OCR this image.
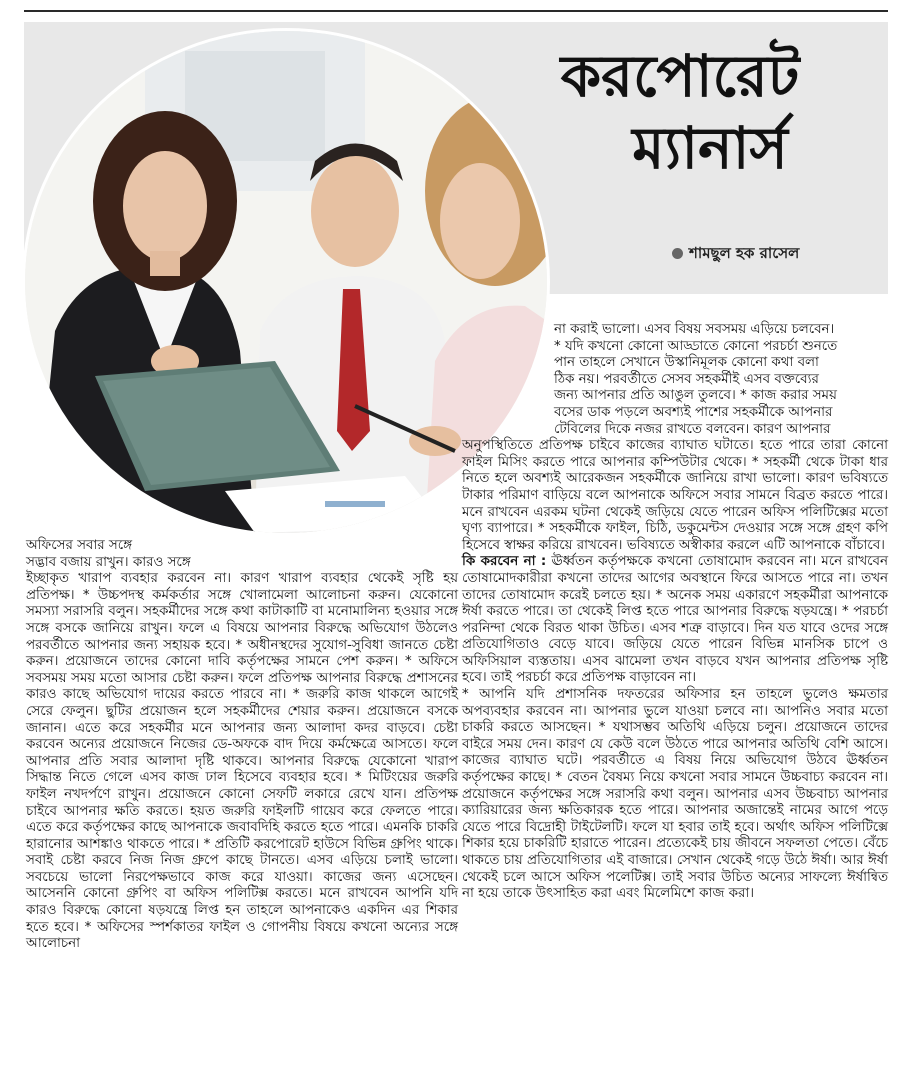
করপোরেট
ম্যানার্স
শামছুল হক রাসেল

অফিসের সবার সঙ্গে

সদ্ভাব বজায় রাখুন। কারও সঙ্গে

ইচ্ছাকৃত খারাপ ব্যবহার করবেন না। কারণ খারাপ ব্যবহার থেকেই সৃষ্টি হয় প্রতিপক্ষ। * উচ্চপদস্থ কর্মকর্তার সঙ্গে খোলামেলা আলোচনা করুন। যেকোনো সমস্যা সরাসরি বলুন। সহকর্মীদের সঙ্গে কথা কাটাকাটি বা মনোমালিন্য হওয়ার সঙ্গে সঙ্গে বসকে জানিয়ে রাখুন। ফলে এ বিষয়ে আপনার বিরুদ্ধে অভিযোগ উঠলেও পরবর্তীতে আপনার জন্য সহায়ক হবে। * অধীনস্থদের সুযোগ-সুবিধা জানতে চেষ্টা করুন। প্রয়োজনে তাদের কোনো দাবি কর্তৃপক্ষের সামনে পেশ করুন। * অফিসে সবসময় সময় মতো আসার চেষ্টা করুন। ফলে প্রতিপক্ষ আপনার বিরুদ্ধে প্রশাসনের কারও কাছে অভিযোগ দায়ের করতে পারবে না। * জরুরি কাজ থাকলে আগেই সেরে ফেলুন। ছুটির প্রয়োজন হলে সহকর্মীদের শেয়ার করুন। প্রয়োজনে বসকে জানান। এতে করে সহকর্মীর মনে আপনার জন্য আলাদা কদর বাড়বে। চেষ্টা করবেন অন্যের প্রয়োজনে নিজের ডে-অফকে বাদ দিয়ে কর্মক্ষেত্রে আসতে। ফলে আপনার প্রতি সবার আলাদা দৃষ্টি থাকবে। আপনার বিরুদ্ধে যেকোনো খারাপ সিদ্ধান্ত নিতে গেলে এসব কাজ ঢাল হিসেবে ব্যবহার হবে। * মিটিংয়ের জরুরি ফাইল নখদর্পণে রাখুন। প্রয়োজনে কোনো সেফটি লকারে রেখে যান। প্রতিপক্ষ চাইবে আপনার ক্ষতি করতে। হয়ত জরুরি ফাইলটি গায়েব করে ফেলতে পারে। এতে করে কর্তৃপক্ষের কাছে আপনাকে জবাবদিহি করতে হতে পারে। এমনকি চাকরি হারানোর আশঙ্কাও থাকতে পারে। * প্রতিটি করপোরেট হাউসে বিভিন্ন গ্রুপিং থাকে। সবাই চেষ্টা করবে নিজ নিজ গ্রুপে কাছে টানতে। এসব এড়িয়ে চলাই ভালো। সবচেয়ে ভালো নিরপেক্ষভাবে কাজ করে যাওয়া। কাজের জন্য এসেছেন। আসেননি কোনো গ্রুপিং বা অফিস পলিটিক্স করতে। মনে রাখবেন আপনি যদি কারও বিরুদ্ধে কোনো ষড়যন্ত্রে লিপ্ত হন তাহলে আপনাকেও একদিন এর শিকার হতে হবে। * অফিসের স্পর্শকাতর ফাইল ও গোপনীয় বিষয়ে কখনো অন্যের সঙ্গে আলোচনা

না করাই ভালো। এসব বিষয় সবসময় এড়িয়ে চলবেন।

* যদি কখনো কোনো আড্ডাতে কোনো পরচর্চা শুনতে

পান তাহলে সেখানে উস্কানিমূলক কোনো কথা বলা

ঠিক নয়। পরবর্তীতে সেসব সহকর্মীই এসব বক্তব্যের

জন্য আপনার প্রতি আঙুল তুলবে। * কাজ করার সময়

বসের ডাক পড়লে অবশ্যই পাশের সহকর্মীকে আপনার

টেবিলের দিকে নজর রাখতে বলবেন। কারণ আপনার

অনুপস্থিতিতে প্রতিপক্ষ চাইবে কাজের ব্যাঘাত ঘটাতে। হতে পারে তারা কোনো ফাইল মিসিং করতে পারে আপনার কম্পিউটার থেকে। * সহকর্মী থেকে টাকা ধার নিতে হলে অবশ্যই আরেকজন সহকর্মীকে জানিয়ে রাখা ভালো। কারণ ভবিষ্যতে টাকার পরিমাণ বাড়িয়ে বলে আপনাকে অফিসে সবার সামনে বিব্রত করতে পারে। মনে রাখবেন এরকম ঘটনা থেকেই জড়িয়ে যেতে পারেন অফিস পলিটিক্সের মতো ঘৃণ্য ব্যাপারে। * সহকর্মীকে ফাইল, চিঠি, ডকুমেন্টস দেওয়ার সঙ্গে সঙ্গে গ্রহণ কপি হিসেবে স্বাক্ষর করিয়ে রাখবেন। ভবিষ্যতে অস্বীকার করলে এটি আপনাকে বাঁচাবে।

কি করবেন না : ঊর্ধ্বতন কর্তৃপক্ষকে কখনো তোষামোদ করবেন না। মনে রাখবেন তোষামোদকারীরা কখনো তাদের আগের অবস্থানে ফিরে আসতে পারে না। তখন তাদের তোষামোদ করেই চলতে হয়। * অনেক সময় একারণে সহকর্মীরা আপনাকে ঈর্ষা করতে পারে। তা থেকেই লিপ্ত হতে পারে আপনার বিরুদ্ধে ষড়যন্ত্রে। * পরচর্চা পরনিন্দা থেকে বিরত থাকা উচিত। এসব শত্রু বাড়াবে। দিন যত যাবে ওদের সঙ্গে প্রতিযোগিতাও বেড়ে যাবে। জড়িয়ে যেতে পারেন বিভিন্ন মানসিক চাপে ও অফিসিয়াল ব্যস্ততায়। এসব ঝামেলা তখন বাড়বে যখন আপনার প্রতিপক্ষ সৃষ্টি হবে। তাই পরচর্চা করে প্রতিপক্ষ বাড়াবেন না।

* আপনি যদি প্রশাসনিক দফতরের অফিসার হন তাহলে ভুলেও ক্ষমতার অপব্যবহার করবেন না। আপনার ভুলে যাওয়া চলবে না। আপনিও সবার মতো চাকরি করতে আসছেন। * যথাসম্ভব অতিথি এড়িয়ে চলুন। প্রয়োজনে তাদের বাইরে সময় দেন। কারণ যে কেউ বলে উঠতে পারে আপনার অতিথি বেশি আসে। কাজের ব্যাঘাত ঘটে। পরবর্তীতে এ বিষয় নিয়ে অভিযোগ উঠবে ঊর্ধ্বতন কর্তৃপক্ষের কাছে। * বেতন বৈষম্য নিয়ে কখনো সবার সামনে উচ্চবাচ্য করবেন না। প্রয়োজনে কর্তৃপক্ষের সঙ্গে সরাসরি কথা বলুন। আপনার এসব উচ্চবাচ্য আপনার ক্যারিয়ারের জন্য ক্ষতিকারক হতে পারে। আপনার অজান্তেই নামের আগে পড়ে যেতে পারে বিদ্রোহী টাইটেলটি। ফলে যা হবার তাই হবে। অর্থাৎ অফিস পলিটিক্সে শিকার হয়ে চাকরিটি হারাতে পারেন। প্রত্যেকেই চায় জীবনে সফলতা পেতে। বেঁচে থাকতে চায় প্রতিযোগিতার এই বাজারে। সেখান থেকেই গড়ে উঠে ঈর্ষা। আর ঈর্ষা থেকেই চলে আসে অফিস পলেটিক্স। তাই সবার উচিত অন্যের সাফল্যে ঈর্ষান্বিত না হয়ে তাকে উৎসাহিত করা এবং মিলেমিশে কাজ করা।
